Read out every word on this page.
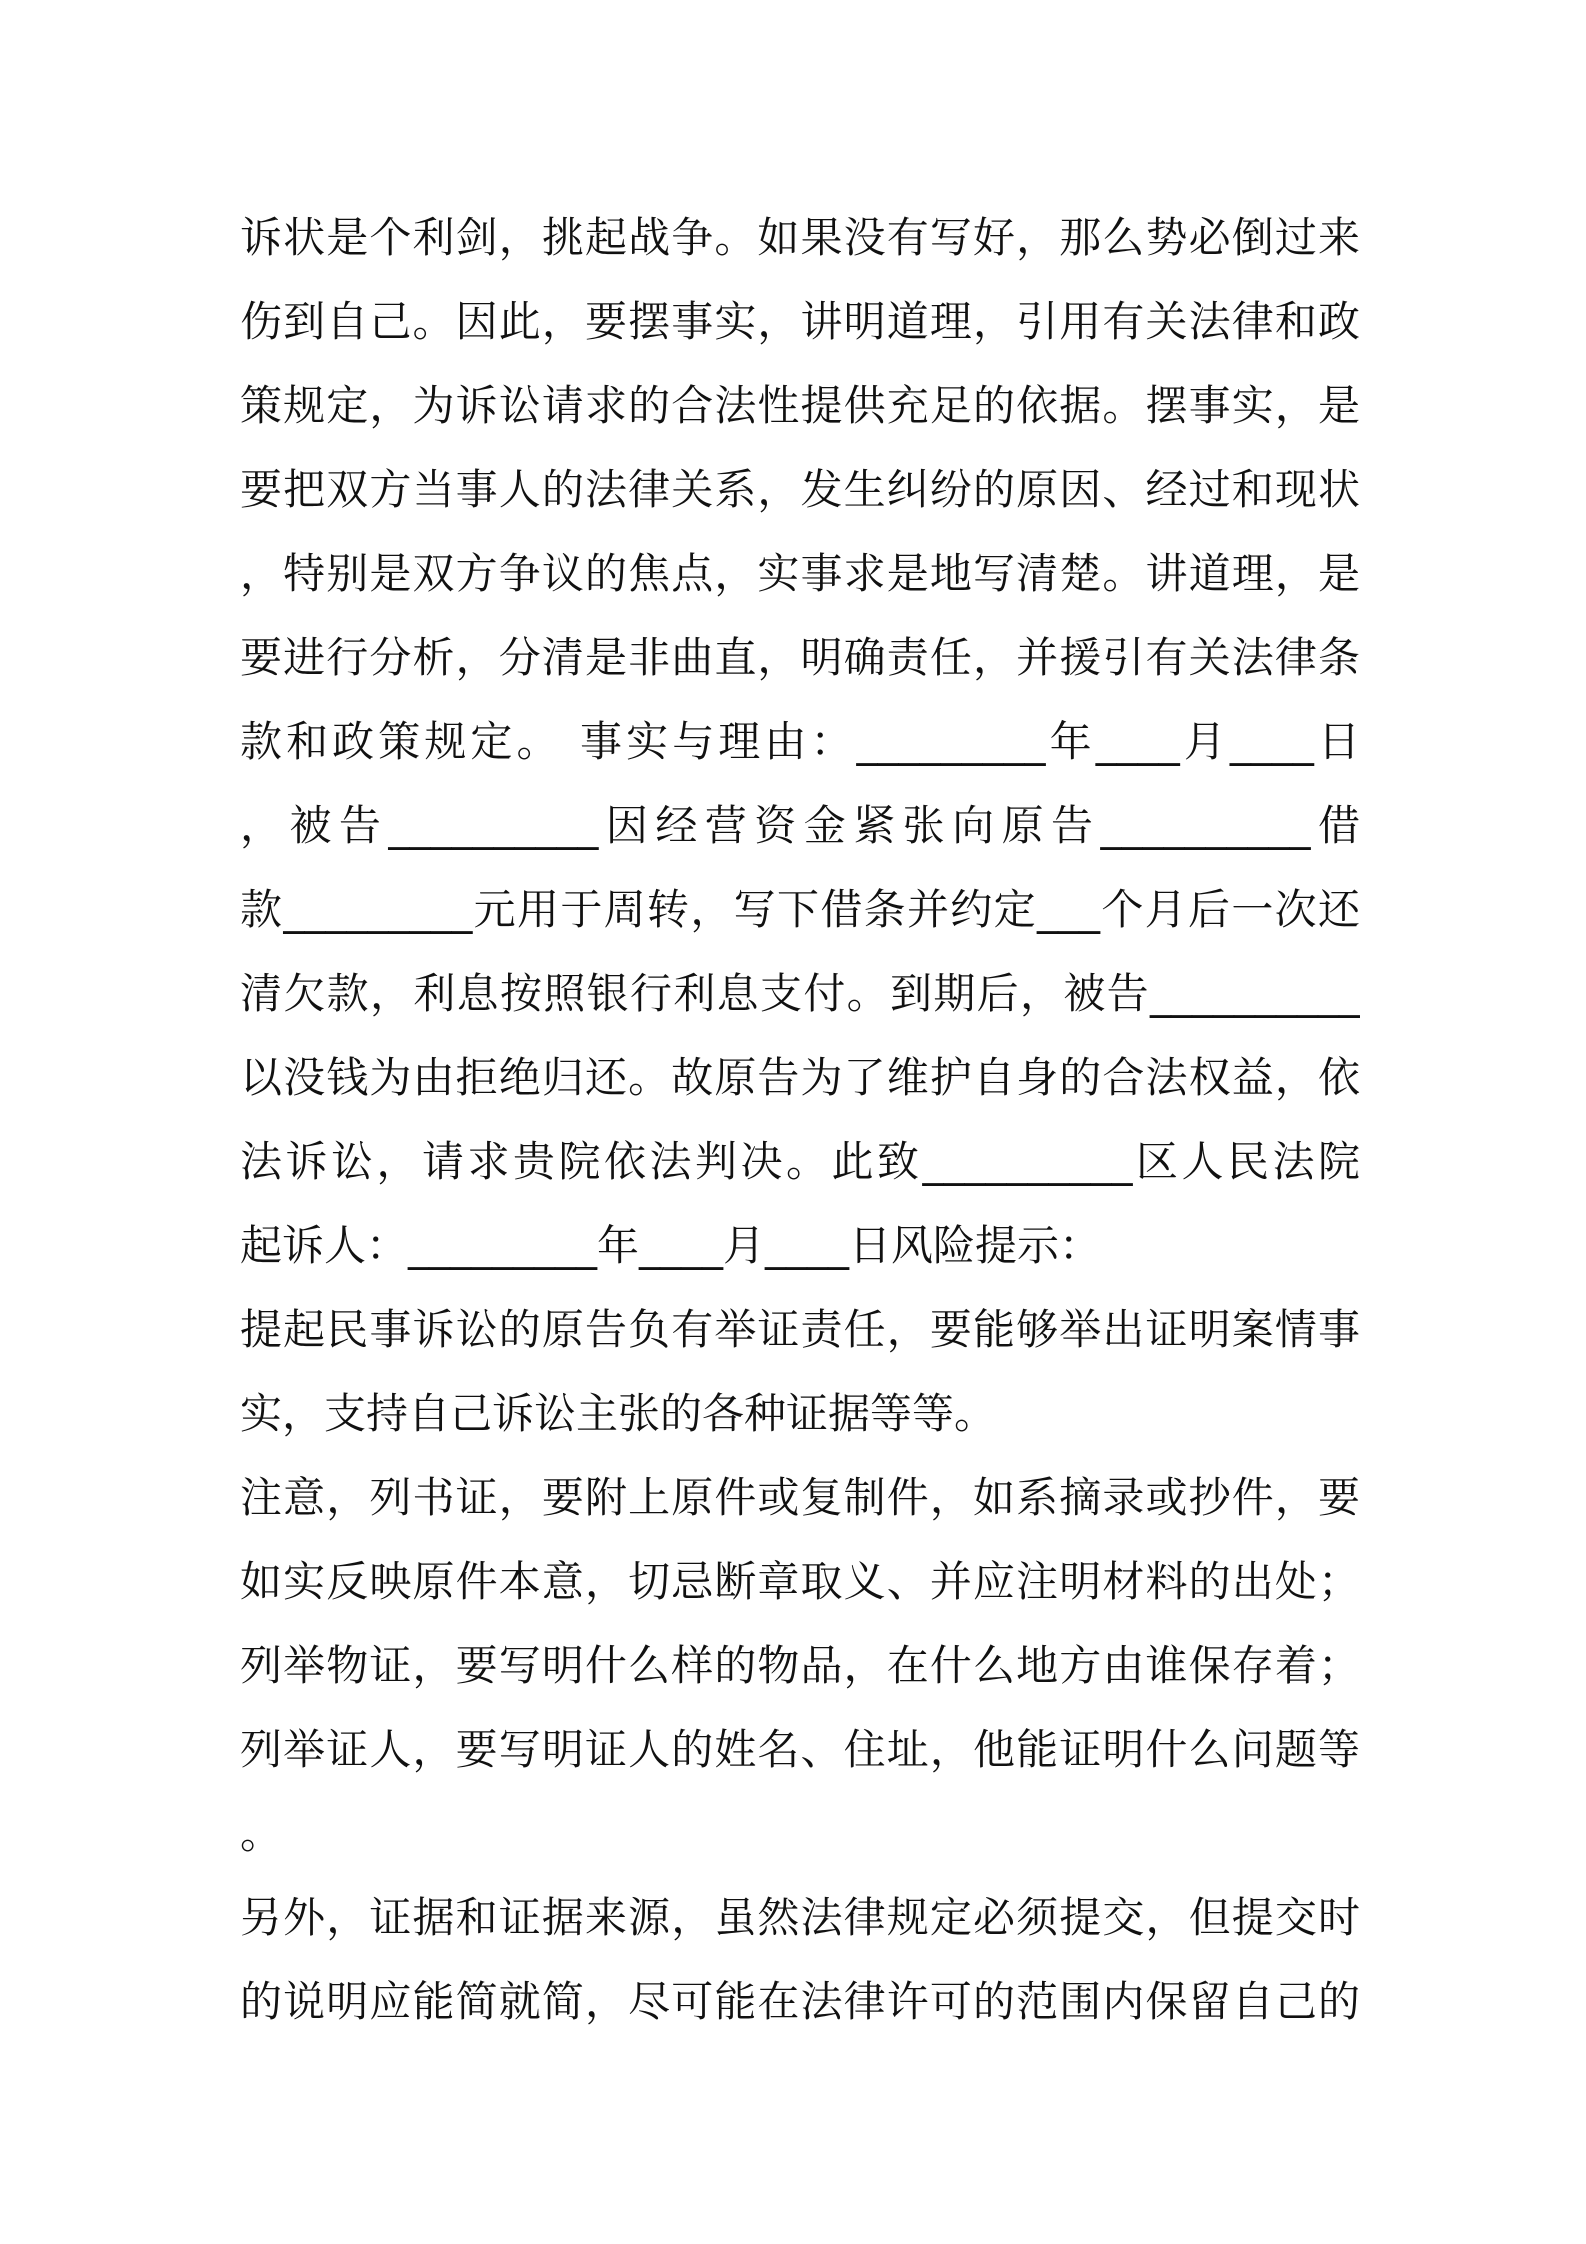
诉状是个利剑，挑起战争。如果没有写好，那么势必倒过来
伤到自己。因此，要摆事实，讲明道理，引用有关法律和政
策规定，为诉讼请求的合法性提供充足的依据。摆事实，是
要把双方当事人的法律关系，发生纠纷的原因、经过和现状
，特别是双方争议的焦点，实事求是地写清楚。讲道理，是
要进行分析，分清是非曲直，明确责任，并援引有关法律条
款和政策规定。 事实与理由：_________年____月____日
，被告__________因经营资金紧张向原告__________借
款_________元用于周转，写下借条并约定___个月后一次还
清欠款，利息按照银行利息支付。到期后，被告__________
以没钱为由拒绝归还。故原告为了维护自身的合法权益，依
法诉讼，请求贵院依法判决。此致__________区人民法院
起诉人：_________年____月____日风险提示：
提起民事诉讼的原告负有举证责任，要能够举出证明案情事
实，支持自己诉讼主张的各种证据等等。
注意，列书证，要附上原件或复制件，如系摘录或抄件，要
如实反映原件本意，切忌断章取义、并应注明材料的出处；
列举物证，要写明什么样的物品，在什么地方由谁保存着；
列举证人，要写明证人的姓名、住址，他能证明什么问题等
。
另外，证据和证据来源，虽然法律规定必须提交，但提交时
的说明应能简就简，尽可能在法律许可的范围内保留自己的
